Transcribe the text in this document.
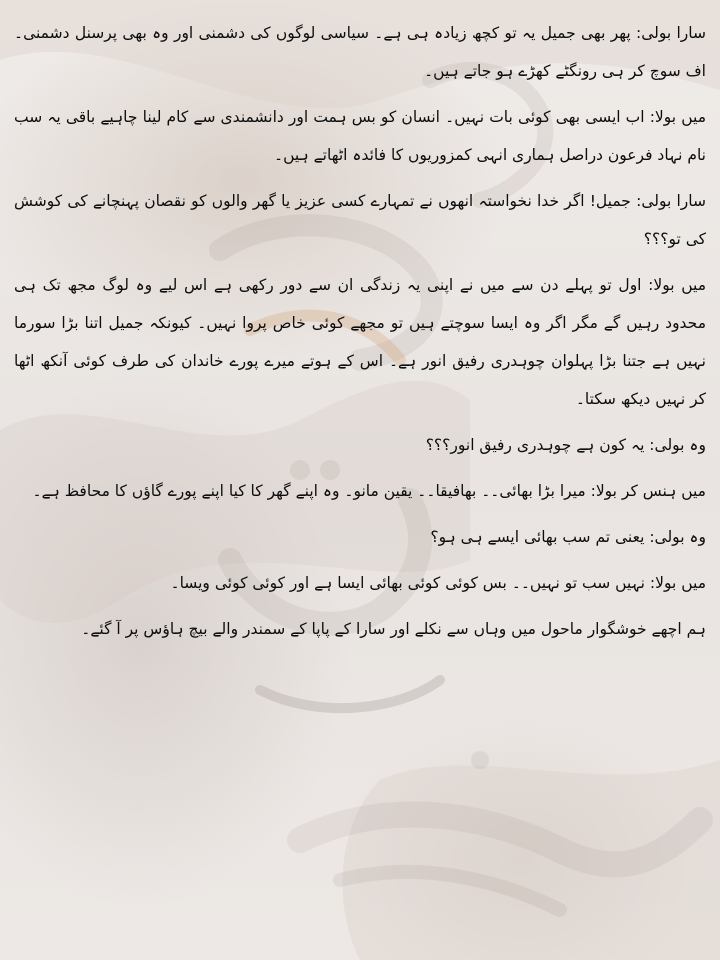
سارا بولی: پھر بھی جمیل یہ تو کچھ زیادہ ہی ہے۔ سیاسی لوگوں کی دشمنی اور وہ بھی پرسنل دشمنی۔ اف سوچ کر ہی رونگٹے کھڑے ہو جاتے ہیں۔

میں بولا: اب ایسی بھی کوئی بات نہیں۔ انسان کو بس ہمت اور دانشمندی سے کام لینا چاہیے باقی یہ سب نام نہاد فرعون دراصل ہماری انہی کمزوریوں کا فائدہ اٹھاتے ہیں۔

سارا بولی: جمیل! اگر خدا نخواستہ انھوں نے تمہارے کسی عزیز یا گھر والوں کو نقصان پہنچانے کی کوشش کی تو؟؟؟

میں بولا: اول تو پہلے دن سے میں نے اپنی یہ زندگی ان سے دور رکھی ہے اس لیے وہ لوگ مجھ تک ہی محدود رہیں گے مگر اگر وہ ایسا سوچتے ہیں تو مجھے کوئی خاص پروا نہیں۔ کیونکہ جمیل اتنا بڑا سورما نہیں ہے جتنا بڑا پہلوان چوہدری رفیق انور ہے۔ اس کے ہوتے میرے پورے خاندان کی طرف کوئی آنکھ اٹھا کر نہیں دیکھ سکتا۔

وہ بولی: یہ کون ہے چوہدری رفیق انور؟؟؟

میں ہنس کر بولا: میرا بڑا بھائی۔۔ بھافیقا۔۔ یقین مانو۔ وہ اپنے گھر کا کیا اپنے پورے گاؤں کا محافظ ہے۔

وہ بولی: یعنی تم سب بھائی ایسے ہی ہو؟

میں بولا: نہیں سب تو نہیں۔۔ بس کوئی کوئی بھائی ایسا ہے اور کوئی کوئی ویسا۔

ہم اچھے خوشگوار ماحول میں وہاں سے نکلے اور سارا کے پاپا کے سمندر والے بیچ ہاؤس پر آ گئے۔
